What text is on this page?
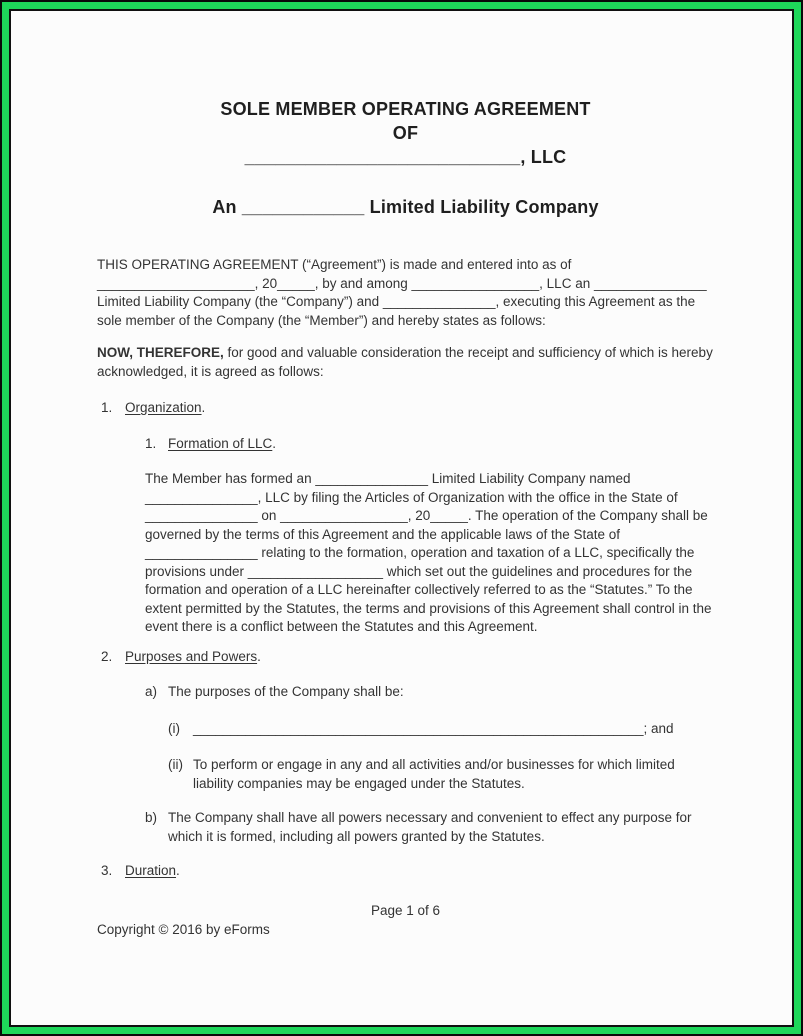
SOLE MEMBER OPERATING AGREEMENT
OF
___________________________, LLC
An ____________ Limited Liability Company

THIS OPERATING AGREEMENT (“Agreement”) is made and entered into as of _____________________, 20_____, by and among _________________, LLC an _______________ Limited Liability Company (the “Company”) and _______________, executing this Agreement as the sole member of the Company (the “Member”) and hereby states as follows:

NOW, THEREFORE, for good and valuable consideration the receipt and sufficiency of which is hereby acknowledged, it is agreed as follows:

1. Organization.
1. Formation of LLC.

The Member has formed an _______________ Limited Liability Company named _______________, LLC by filing the Articles of Organization with the office in the State of _______________ on _________________, 20_____. The operation of the Company shall be governed by the terms of this Agreement and the applicable laws of the State of _______________ relating to the formation, operation and taxation of a LLC, specifically the provisions under __________________ which set out the guidelines and procedures for the formation and operation of a LLC hereinafter collectively referred to as the “Statutes.” To the extent permitted by the Statutes, the terms and provisions of this Agreement shall control in the event there is a conflict between the Statutes and this Agreement.

2. Purposes and Powers.
a) The purposes of the Company shall be:
(i) ____________________________________________________________; and
(ii) To perform or engage in any and all activities and/or businesses for which limited liability companies may be engaged under the Statutes.
b) The Company shall have all powers necessary and convenient to effect any purpose for which it is formed, including all powers granted by the Statutes.
3. Duration.
Page 1 of 6
Copyright © 2016 by eForms
